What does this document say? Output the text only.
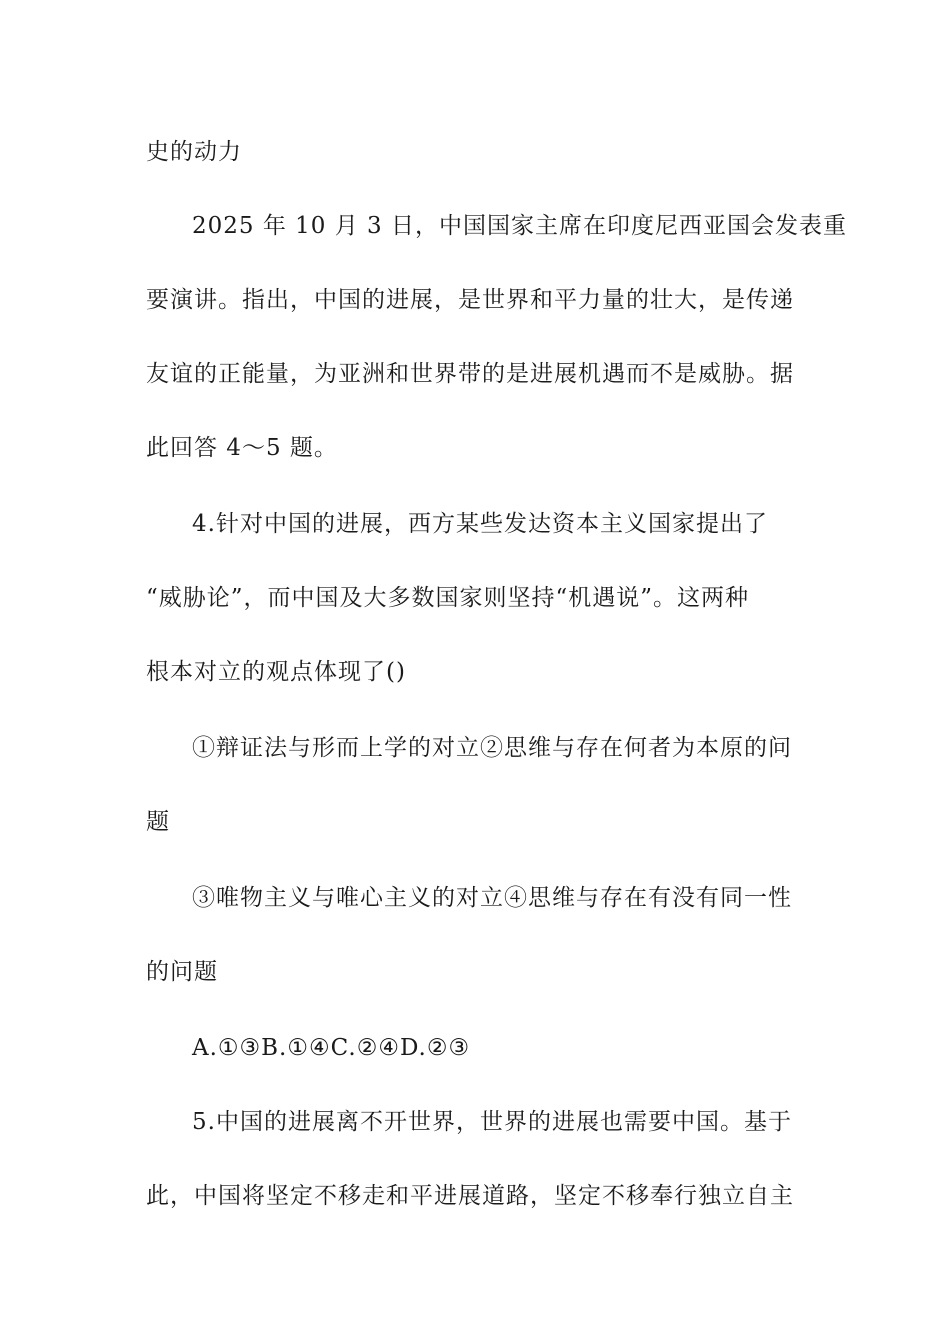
史的动力
2025 年 10 月 3 日，中国国家主席在印度尼西亚国会发表重
要演讲。指出，中国的进展，是世界和平力量的壮大，是传递
友谊的正能量，为亚洲和世界带的是进展机遇而不是威胁。据
此回答 4～5 题。
4.针对中国的进展，西方某些发达资本主义国家提出了
“威胁论”，而中国及大多数国家则坚持“机遇说”。这两种
根本对立的观点体现了()
①辩证法与形而上学的对立②思维与存在何者为本原的问
题
③唯物主义与唯心主义的对立④思维与存在有没有同一性
的问题
A.①③B.①④C.②④D.②③
5.中国的进展离不开世界，世界的进展也需要中国。基于
此，中国将坚定不移走和平进展道路，坚定不移奉行独立自主
